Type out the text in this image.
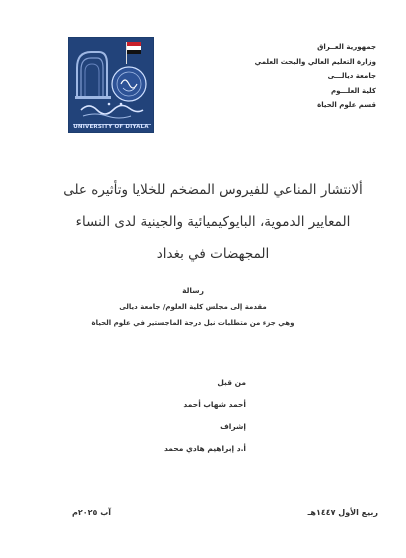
UNIVERSITY OF DIYALA
جمهورية العــراق
وزارة التعليم العالي والبحث العلمي
جامعة ديالـــى
كلية العلـــوم
قسم علوم الحياة
ألانتشار المناعي للفيروس المضخم للخلايا وتأثيره على
المعايير الدموية، البايوكيميائية والجينية لدى النساء
المجهضات في بغداد
رسالة
مقدمة إلى مجلس كلية العلوم/ جامعة ديالى
وهي جزء من متطلبات نيل درجة الماجستير في علوم الحياة
من قبل
أحمد شهاب أحمد
إشراف
أ.د إبراهيم هادي محمد
ربيع الأول ١٤٤٧هـ
آب ٢٠٢٥م
